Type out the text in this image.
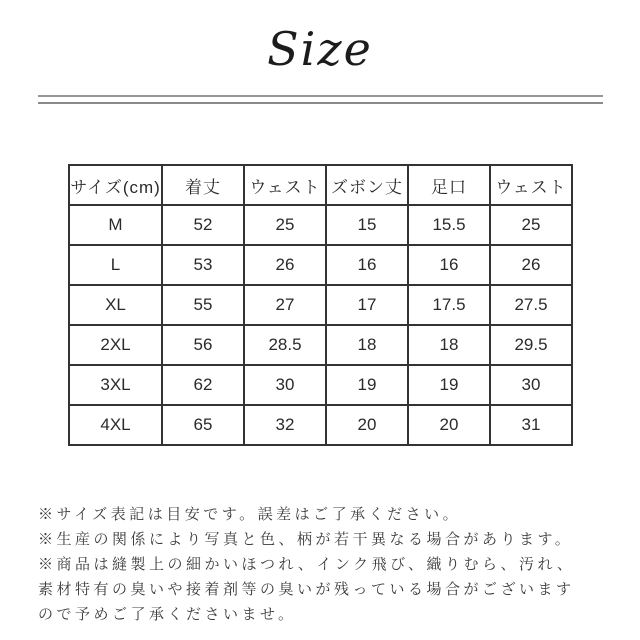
Size
サイズ(cm)	着丈	ウェスト	ズボン丈	足口	ウェスト
M	52	25	15	15.5	25
L	53	26	16	16	26
XL	55	27	17	17.5	27.5
2XL	56	28.5	18	18	29.5
3XL	62	30	19	19	30
4XL	65	32	20	20	31
※サイズ表記は目安です。誤差はご了承ください。
※生産の関係により写真と色、柄が若干異なる場合があります。
※商品は縫製上の細かいほつれ、インク飛び、織りむら、汚れ、
素材特有の臭いや接着剤等の臭いが残っている場合がございます
ので予めご了承くださいませ。
